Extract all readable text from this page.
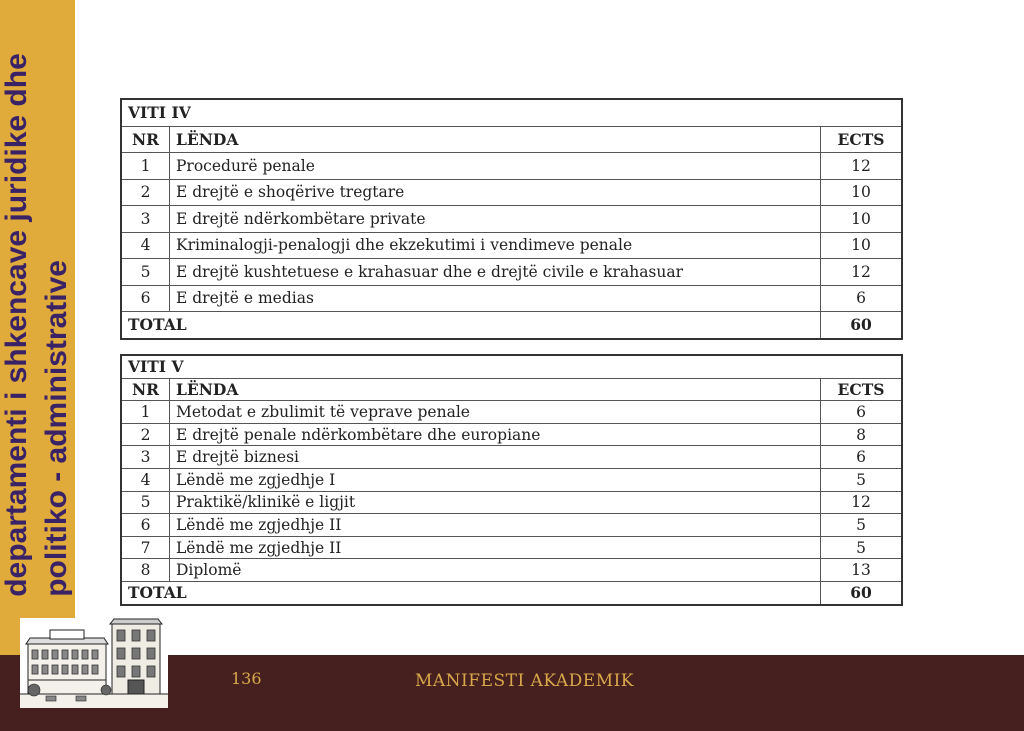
departamenti i shkencave juridike dhe politiko - administrative
VITI IV		
NR	LËNDA	ECTS
1	Procedurë penale	12
2	E drejtë e shoqërive tregtare	10
3	E drejtë ndërkombëtare private	10
4	Kriminalogji-penalogji dhe ekzekutimi i vendimeve penale	10
5	E drejtë kushtetuese e krahasuar dhe e drejtë civile e krahasuar	12
6	E drejtë e medias	6
TOTAL		60
VITI V		
NR	LËNDA	ECTS
1	Metodat e zbulimit të veprave penale	6
2	E drejtë penale ndërkombëtare dhe europiane	8
3	E drejtë biznesi	6
4	Lëndë me zgjedhje I	5
5	Praktikë/klinikë e ligjit	12
6	Lëndë me zgjedhje II	5
7	Lëndë me zgjedhje II	5
8	Diplomë	13
TOTAL		60
136	MANIFESTI AKADEMIK
